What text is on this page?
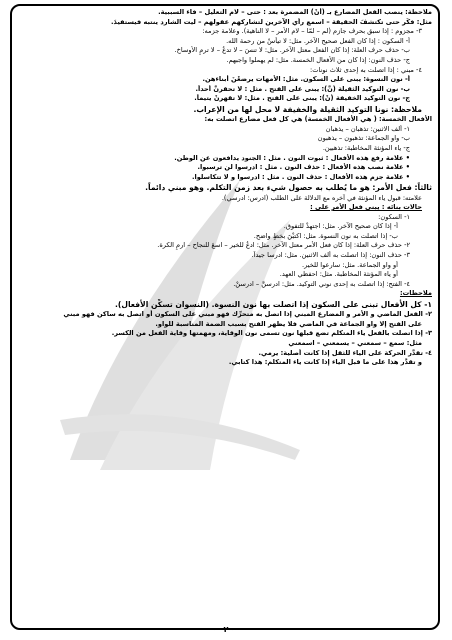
ملاحظة: ينصب الفعل المضارع بـ (أنْ) المضمرة بعد : حتى – لام التعليل – فاء السببية.
مثل: فكِّر حتى تكتشفَ الحقيقة – اسمع رأي الآخرين لتشاركهم عقولهم – ليت الشارد ينتبه فيستفيدَ.
٣- مجزوم : إذا سبق بحرف جازم (لم – لمّا – لام الأمر – لا الناهية). وعلامة جزمه:
أ- السكون : إذا كان الفعل صحيح الآخر. مثل: لا تيأسْ من رحمة الله.
ب- حذف حرف العلة: إذا كان الفعل معتل الآخر. مثل: لا تنسَ – لا تدعُ – لا ترمِ الأوساخ.
ج- حذف النون: إذا كان من الأفعال الخمسة. مثل: لم يهملوا واجبهم.
٤- مبني : إذا اتصلت به إحدى ثلاث نونات:
أ- نون النسوة: يبنى على السكون. مثل: الأمهات يرضعْنَ أبناءهن.
ب- نون التوكيد الثقيلة (نَّ): يبنى على الفتح . مثل : لا تحقرنَّ أحداً.
ج- نون التوكيد الخفيفة (نْ): يبنى على الفتح . مثل: لا تقهرنْ يتيماً.
ملاحظة: نونا التوكيد الثقيلة والخفيفة لا محل لها من الإعراب.
الأفعال الخمسة: ( هي الأفعال الخمسة) هي كل فعل مضارع اتصلت به:
١- ألف الاثنين: تذهبان – يذهبان
ب- واو الجماعة: تذهبون – يذهبون
ج- ياء المؤنثة المخاطبة: تذهبين.
• علامة رفع هذه الأفعال : ثبوت النون . مثل : الجنود يدافعون عن الوطن.
• علامة نصب هذه الأفعال : حذف النون . مثل : ادرسوا لن ترسبوا.
• علامة جزم هذه الأفعال : حذف النون . مثل : ادرسوا و لا تتكاسلوا.
ثالثاً: فعل الأمر: هو ما يُطلب به حصول شيء بعد زمن التكلم. وهو مبني دائماً.
علامته: قبول ياء المؤنثة في آخره مع الدلالة على الطلب (ادرس: ادرسي).
حالات بنائه : يبنى فعل الأمر على :
١- السكون:
أ- إذا كان صحيح الآخر. مثل: اجتهدْ للتفوق.
ب- إذا اتصلت به نون النسوة. مثل: اكتبْنَ بخطٍ واضح.
٢- حذف حرف العلة: إذا كان فعل الأمر معتل الآخر. مثل: ادعُ للخير – اسعَ للنجاح – ارمِ الكرة.
٣- حذف النون: إذا اتصلت به ألف الاثنين. مثل: ادرسا جيداً.
أو واو الجماعة. مثل: سارعوا للخير.
أو ياء المؤنثة المخاطبة. مثل: احفظي العهد.
٤- الفتح: إذا اتصلت به إحدى نوني التوكيد. مثل: ادرسنَّ – ادرسنْ.
ملاحظات:
١- كل الأفعال تبنى على السكون إذا اتصلت بها نون النسوة. (النسوان تسكِّن الأفعال).
٢- الفعل الماضي و الأمر و المضارع المبني إذا اتصل به متحرِّك فهو مبني على السكون أو اتصل به ساكن فهو مبني
على الفتح إلا واو الجماعة في الماضي فلا يظهر الفتح بسبب الضمة المناسبة للواو.
٣- إذا اتصلت بالفعل ياء المتكلم تضع قبلها نون تسمى نون الوقاية، ومهمتها وقاية الفعل من الكسر.
مثل: سمع – سمعني – يسمعني – اسمعني
٤- تقدَّر الحركة على الياء للثقل إذا كانت أصلية: يرمي.
و تقدَّر هذا على ما قبل الياء إذا كانت ياء المتكلم: هذا كتابي.
~ ٢ ~
